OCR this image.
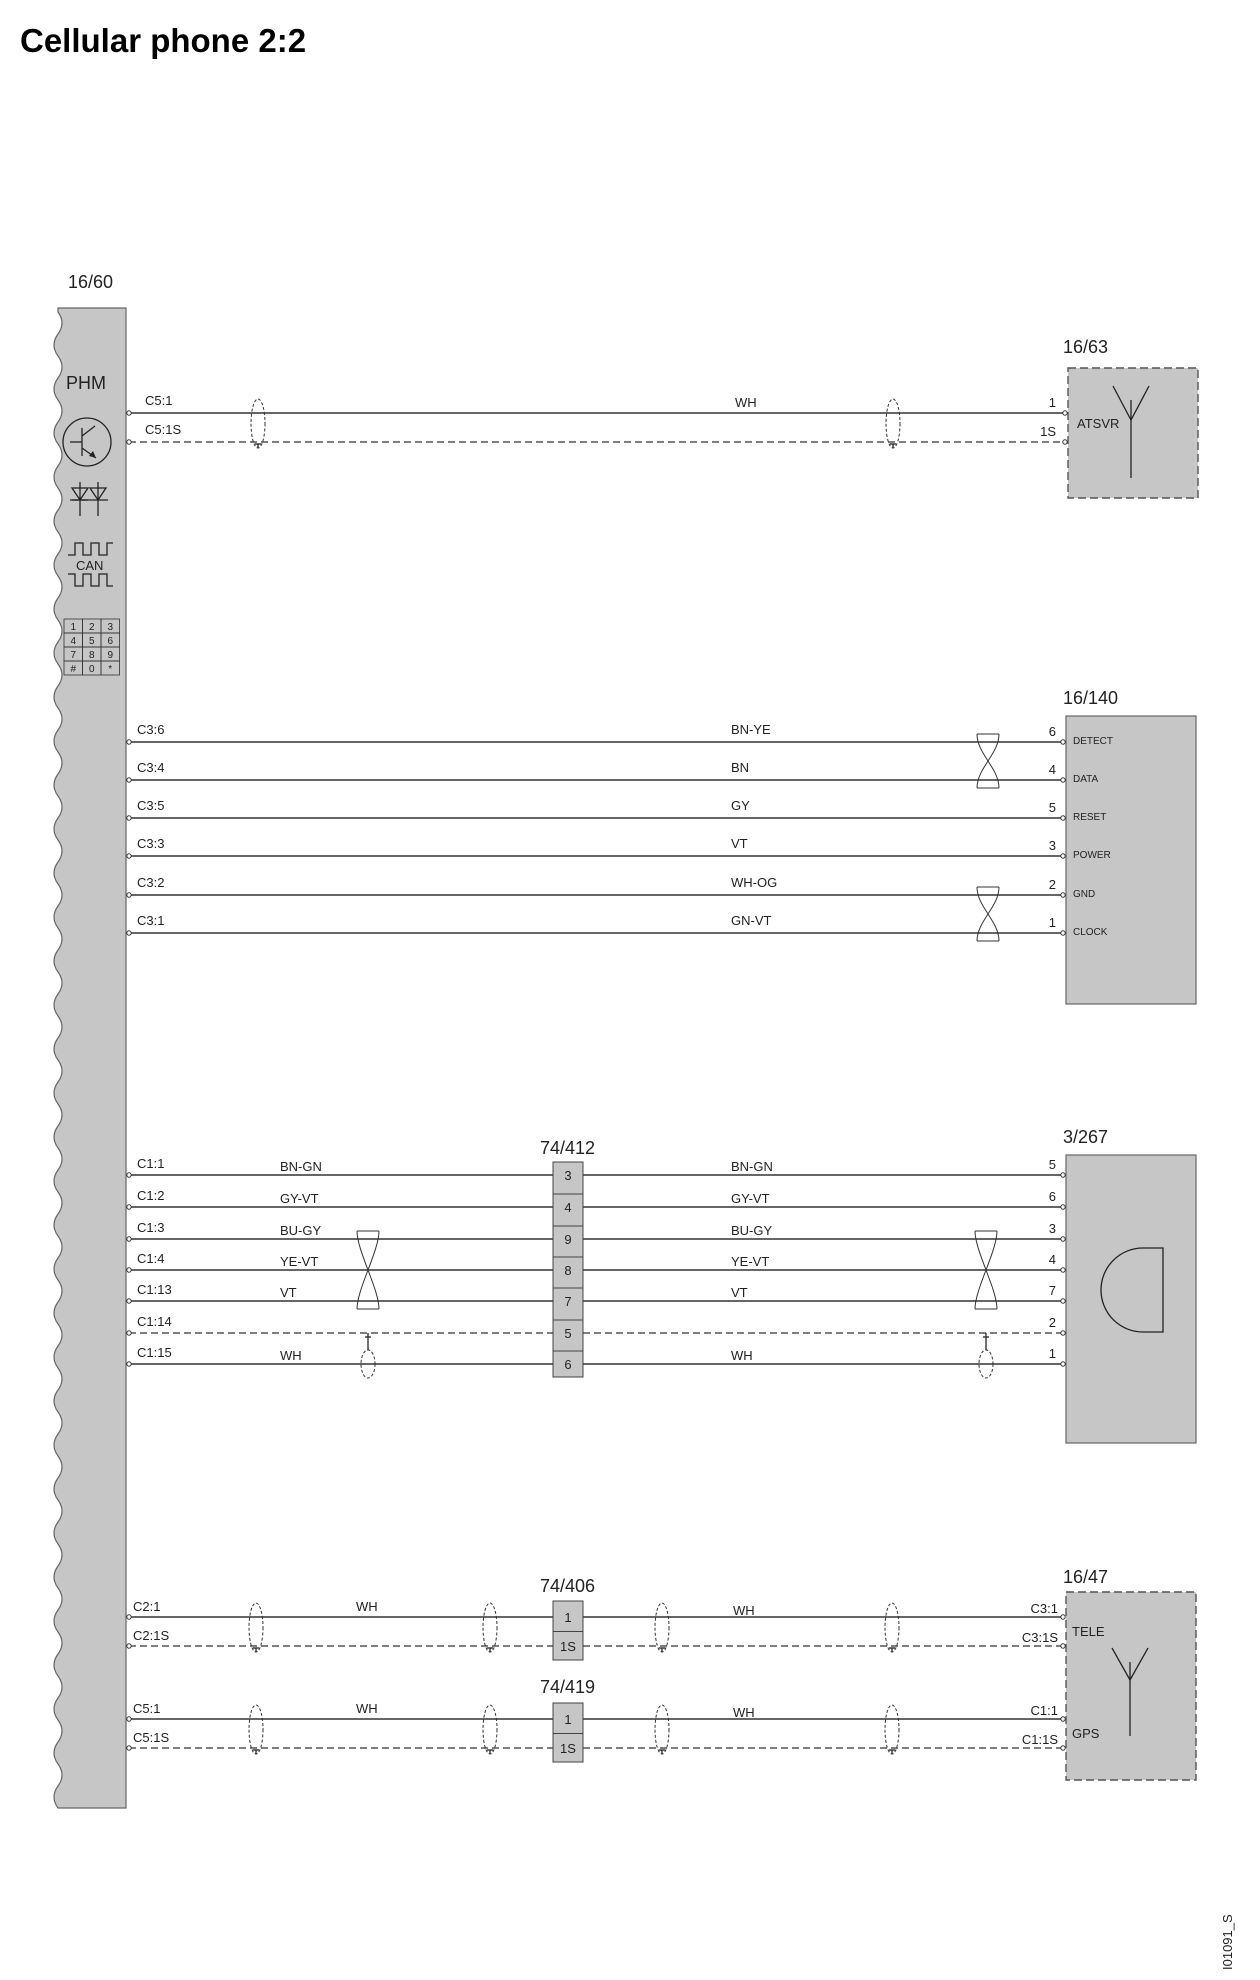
Cellular phone 2:2
I01091_S
16/60
PHM
CAN
1 2 3
4 5 6
7 8 9
# 0 *
16/63
ATSVR
16/140
3/267
16/47
TELE
GPS
74/412
74/406
74/419
C5:1	1
WH
C5:1S	1S
C3:6	BN-YE	6
DETECT
C3:4	BN	4
DATA
C3:5	GY	5
RESET
C3:3	VT	3
POWER
C3:2	WH-OG	2
GND
C3:1	GN-VT	1
CLOCK
3
C1:1	BN-GN	BN-GN	5
4
C1:2	GY-VT	GY-VT	6
9
C1:3	BU-GY	BU-GY	3
8
C1:4	YE-VT	YE-VT	4
7
C1:13	VT	VT	7
5
C1:14	2
6
C1:15	WH	WH	1
1
C2:1	WH	WH	C3:1
1S
C2:1S	C3:1S
1
C5:1	WH	WH	C1:1
1S
C5:1S	C1:1S
